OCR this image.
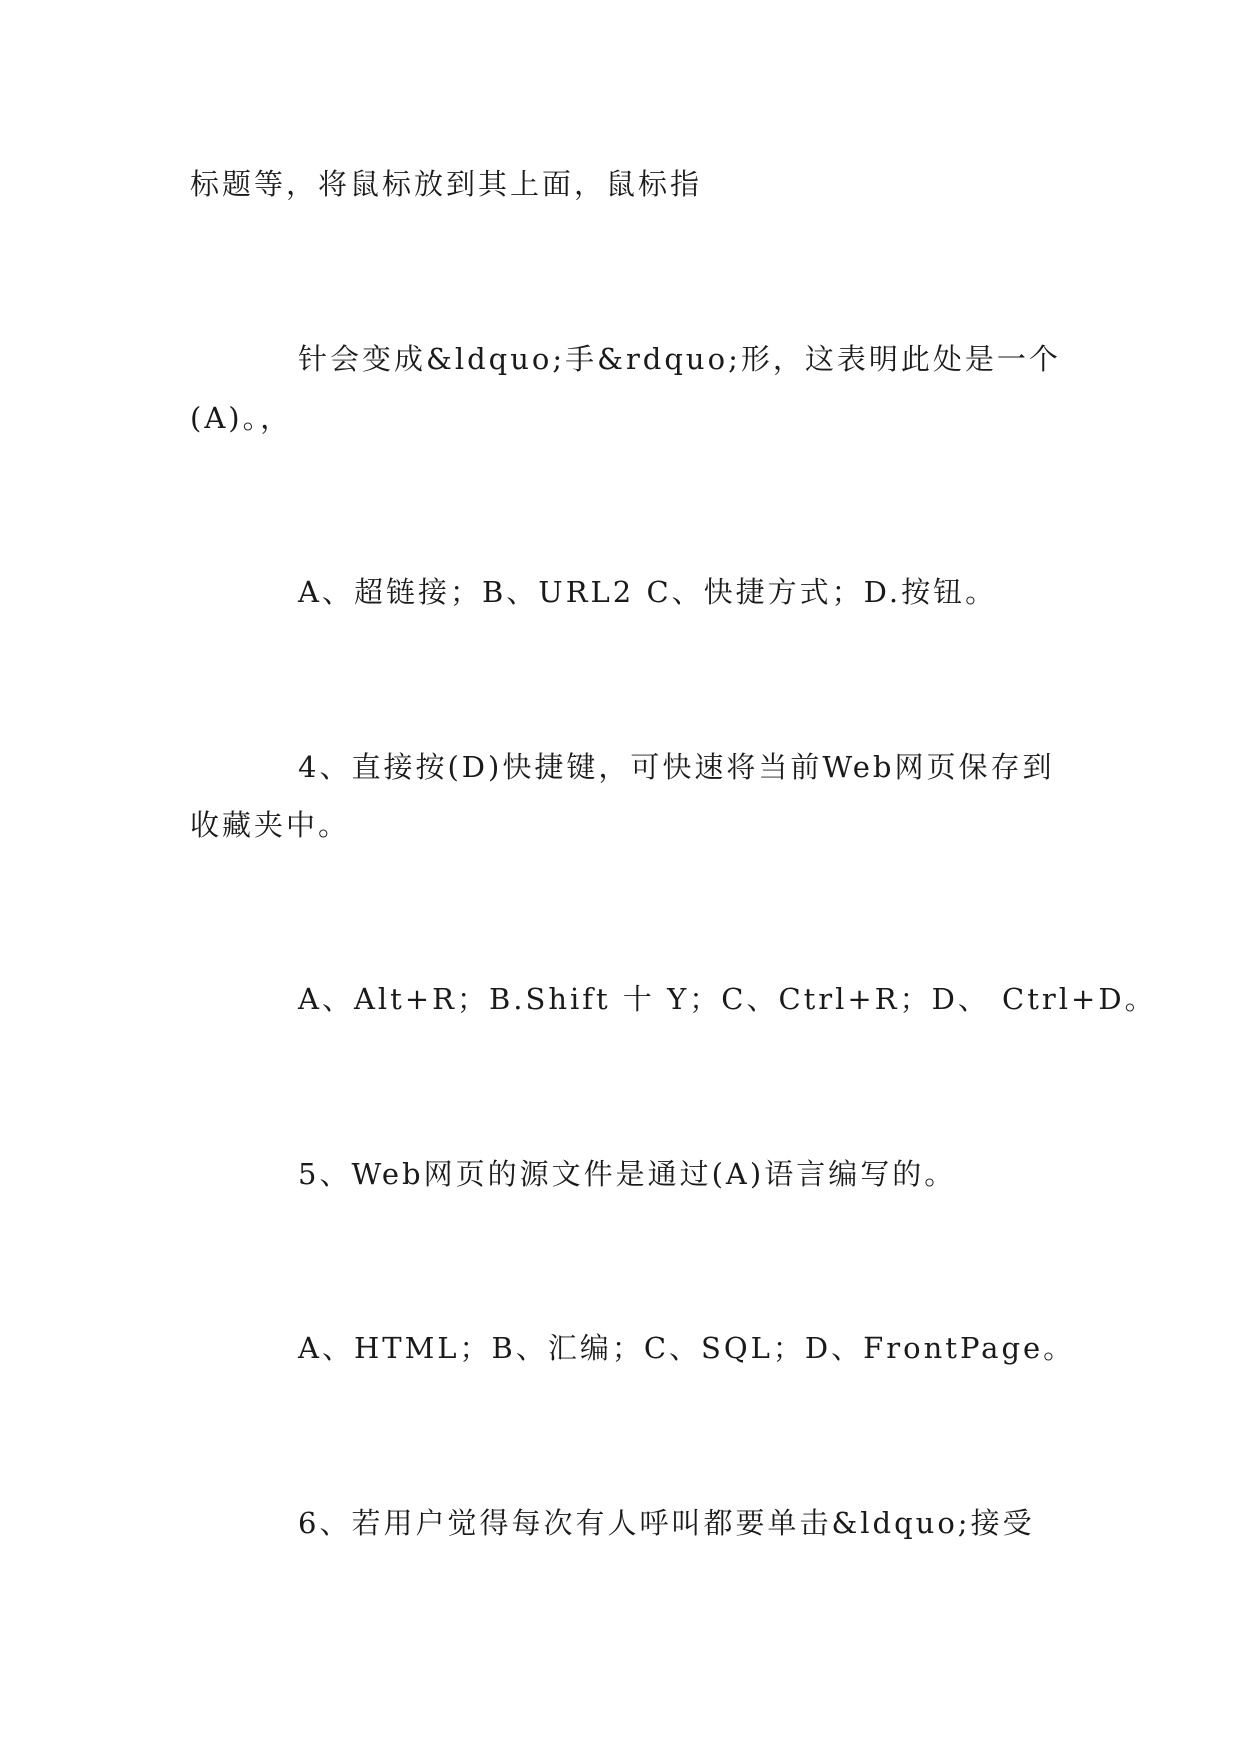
标题等，将鼠标放到其上面，鼠标指

针会变成&ldquo;手&rdquo;形，这表明此处是一个

(A)。，

A、超链接；B、URL2 C、快捷方式；D.按钮。

4、直接按(D)快捷键，可快速将当前Web网页保存到

收藏夹中。

A、Alt+R；B.Shift 十 Y；C、Ctrl+R；D、 Ctrl+D。

5、Web网页的源文件是通过(A)语言编写的。

A、HTML；B、汇编；C、SQL；D、FrontPage。

6、若用户觉得每次有人呼叫都要单击&ldquo;接受
